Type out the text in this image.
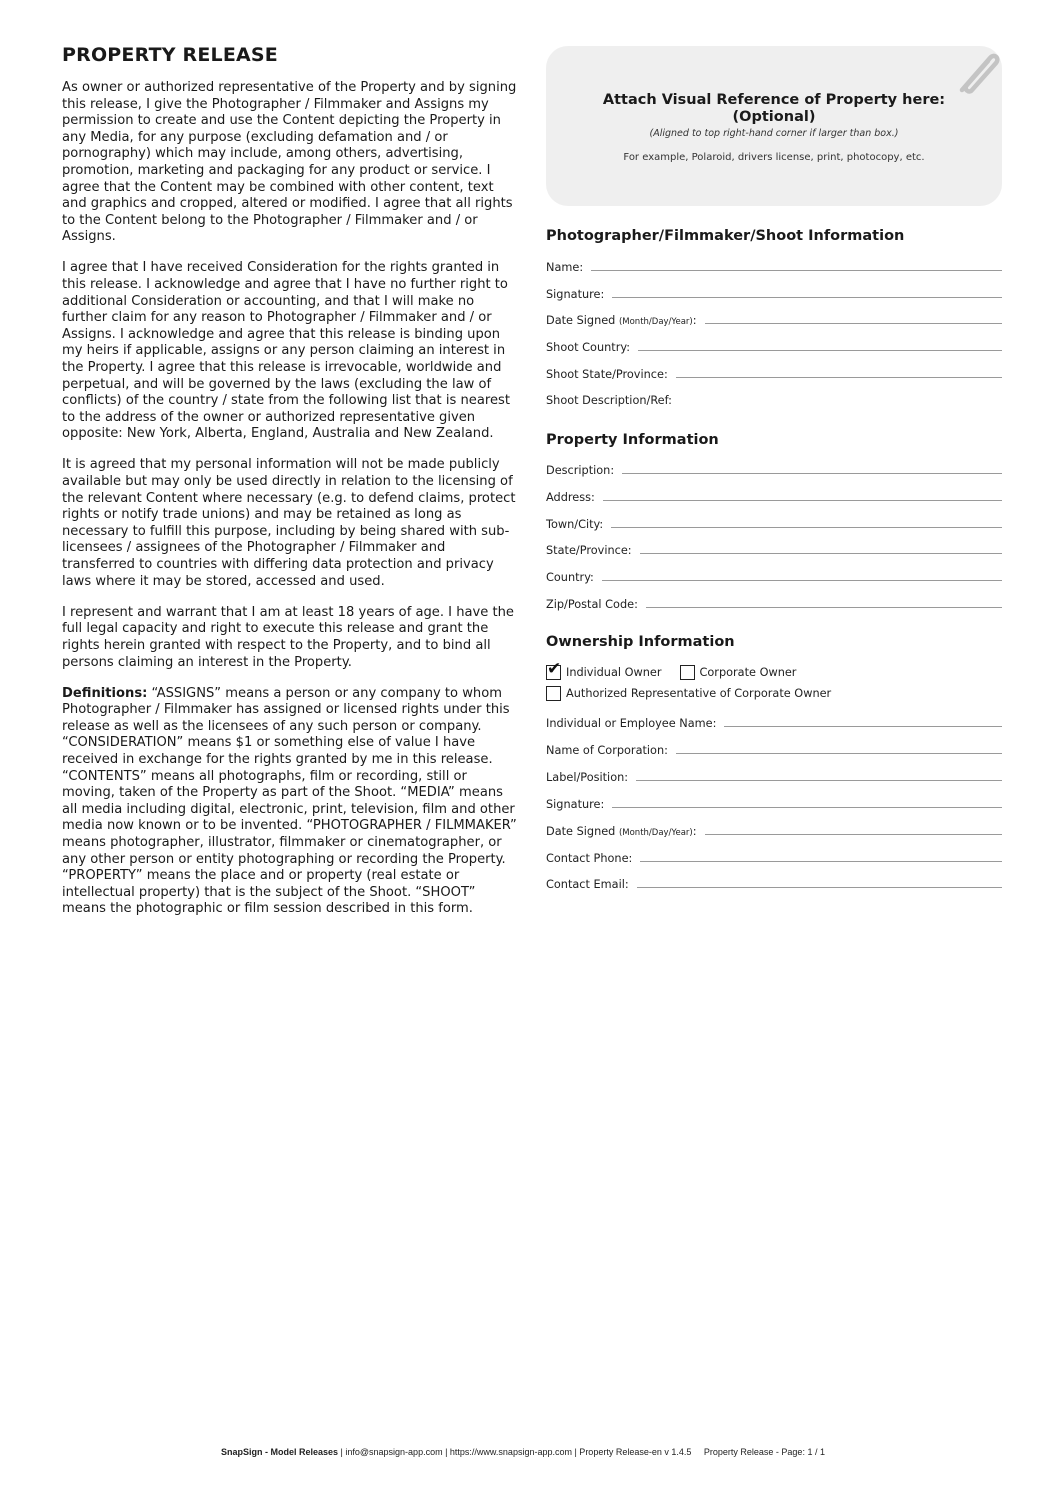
PROPERTY RELEASE

As owner or authorized representative of the Property and by signing this release, I give the Photographer / Filmmaker and Assigns my permission to create and use the Content depicting the Property in any Media, for any purpose (excluding defamation and / or pornography) which may include, among others, advertising, promotion, marketing and packaging for any product or service. I agree that the Content may be combined with other content, text and graphics and cropped, altered or modified. I agree that all rights to the Content belong to the Photographer / Filmmaker and / or Assigns.

I agree that I have received Consideration for the rights granted in this release. I acknowledge and agree that I have no further right to additional Consideration or accounting, and that I will make no further claim for any reason to Photographer / Filmmaker and / or Assigns. I acknowledge and agree that this release is binding upon my heirs if applicable, assigns or any person claiming an interest in the Property. I agree that this release is irrevocable, worldwide and perpetual, and will be governed by the laws (excluding the law of conflicts) of the country / state from the following list that is nearest to the address of the owner or authorized representative given opposite: New York, Alberta, England, Australia and New Zealand.

It is agreed that my personal information will not be made publicly available but may only be used directly in relation to the licensing of the relevant Content where necessary (e.g. to defend claims, protect rights or notify trade unions) and may be retained as long as necessary to fulfill this purpose, including by being shared with sub-licensees / assignees of the Photographer / Filmmaker and transferred to countries with differing data protection and privacy laws where it may be stored, accessed and used.

I represent and warrant that I am at least 18 years of age. I have the full legal capacity and right to execute this release and grant the rights herein granted with respect to the Property, and to bind all persons claiming an interest in the Property.

Definitions: “ASSIGNS” means a person or any company to whom Photographer / Filmmaker has assigned or licensed rights under this release as well as the licensees of any such person or company. “CONSIDERATION” means $1 or something else of value I have received in exchange for the rights granted by me in this release. “CONTENTS” means all photographs, film or recording, still or moving, taken of the Property as part of the Shoot. “MEDIA” means all media including digital, electronic, print, television, film and other media now known or to be invented. “PHOTOGRAPHER / FILMMAKER” means photographer, illustrator, filmmaker or cinematographer, or any other person or entity photographing or recording the Property. “PROPERTY” means the place and or property (real estate or intellectual property) that is the subject of the Shoot. “SHOOT” means the photographic or film session described in this form.

Attach Visual Reference of Property here:
(Optional)
(Aligned to top right-hand corner if larger than box.)
For example, Polaroid, drivers license, print, photocopy, etc.
Photographer/Filmmaker/Shoot Information
Name:
Signature:
Date Signed (Month/Day/Year):
Shoot Country:
Shoot State/Province:
Shoot Description/Ref:
Property Information
Description:
Address:
Town/City:
State/Province:
Country:
Zip/Postal Code:
Ownership Information
✔ Individual Owner	Corporate Owner
Authorized Representative of Corporate Owner
Individual or Employee Name:
Name of Corporation:
Label/Position:
Signature:
Date Signed (Month/Day/Year):
Contact Phone:
Contact Email:
SnapSign - Model Releases | info@snapsign-app.com | https://www.snapsign-app.com | Property Release-en v 1.4.5 Property Release - Page: 1 / 1
